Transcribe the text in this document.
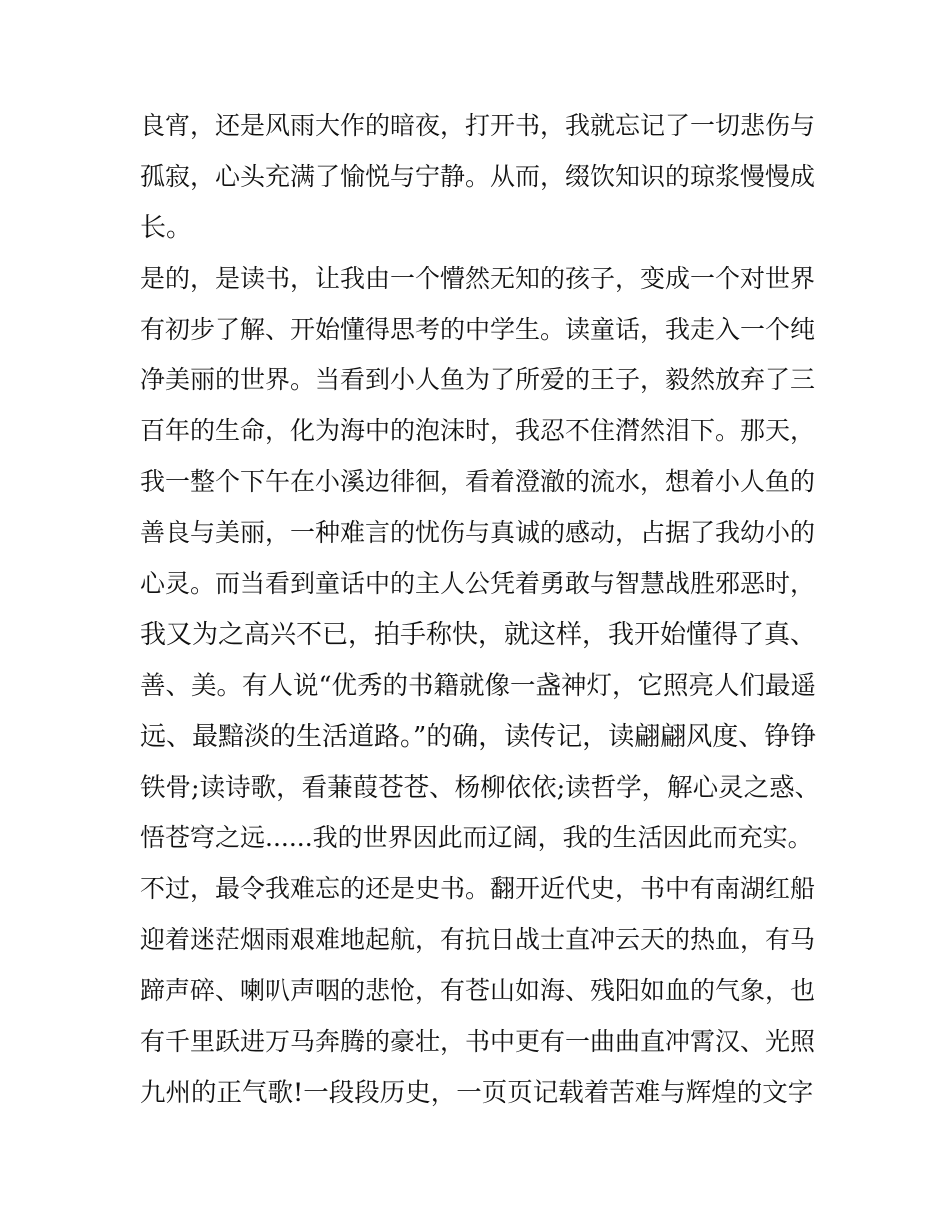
良宵，还是风雨大作的暗夜，打开书，我就忘记了一切悲伤与
孤寂，心头充满了愉悦与宁静。从而，缀饮知识的琼浆慢慢成
长。
是的，是读书，让我由一个懵然无知的孩子，变成一个对世界
有初步了解、开始懂得思考的中学生。读童话，我走入一个纯
净美丽的世界。当看到小人鱼为了所爱的王子，毅然放弃了三
百年的生命，化为海中的泡沫时，我忍不住潸然泪下。那天，
我一整个下午在小溪边徘徊，看着澄澈的流水，想着小人鱼的
善良与美丽，一种难言的忧伤与真诚的感动，占据了我幼小的
心灵。而当看到童话中的主人公凭着勇敢与智慧战胜邪恶时，
我又为之高兴不已，拍手称快，就这样，我开始懂得了真、
善、美。有人说“优秀的书籍就像一盏神灯，它照亮人们最遥
远、最黯淡的生活道路。”的确，读传记，读翩翩风度、铮铮
铁骨;读诗歌，看蒹葭苍苍、杨柳依依;读哲学，解心灵之惑、
悟苍穹之远......我的世界因此而辽阔，我的生活因此而充实。
不过，最令我难忘的还是史书。翻开近代史，书中有南湖红船
迎着迷茫烟雨艰难地起航，有抗日战士直冲云天的热血，有马
蹄声碎、喇叭声咽的悲怆，有苍山如海、残阳如血的气象，也
有千里跃进万马奔腾的豪壮，书中更有一曲曲直冲霄汉、光照
九州的正气歌!一段段历史，一页页记载着苦难与辉煌的文字
